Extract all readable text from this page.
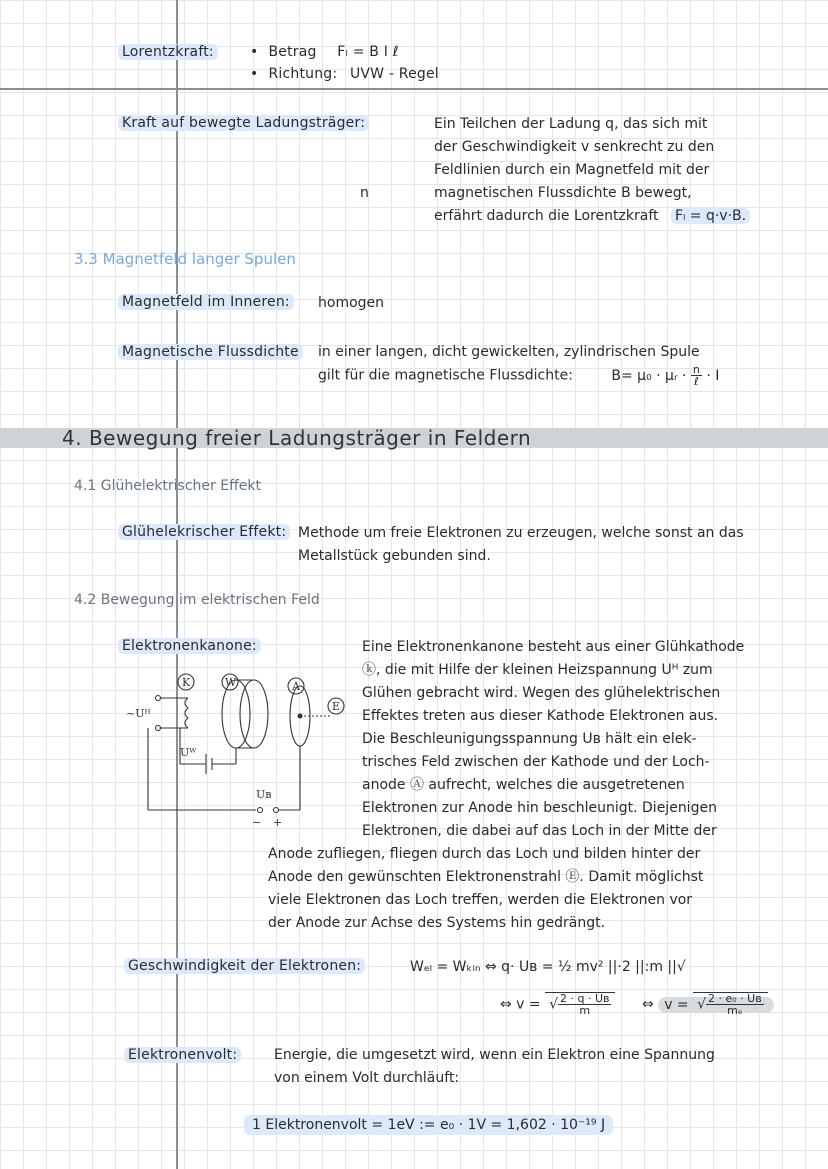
Lorentzkraft:	• Betrag Fₗ = B I ℓ
• Richtung: UVW - Regel
Kraft auf bewegte Ladungsträger:	Ein Teilchen der Ladung q, das sich mit
der Geschwindigkeit v senkrecht zu den
Feldlinien durch ein Magnetfeld mit der
magnetischen Flussdichte B bewegt,
erfährt dadurch die Lorentzkraft Fₗ = q·v·B.
n
3.3 Magnetfeld langer Spulen
Magnetfeld im Inneren: homogen
Magnetische Flussdichte in einer langen, dicht gewickelten, zylindrischen Spule
gilt für die magnetische Flussdichte:	B= μ₀ · μᵣ · $\frac{n}{\text{ℓ}} \cdot I$
4. Bewegung freier Ladungsträger in Feldern
4.1 Glühelektrischer Effekt
Glühelekrischer Effekt: Methode um freie Elektronen zu erzeugen, welche sonst an das
Metallstück gebunden sind.
4.2 Bewegung im elektrischen Feld
Elektronenkanone:
K	W	A
E
~Uᴴ
Uᵂ
Uʙ
− +
Eine Elektronenkanone besteht aus einer Glühkathode
ⓚ, die mit Hilfe der kleinen Heizspannung Uᴴ zum
Glühen gebracht wird. Wegen des glühelektrischen
Effektes treten aus dieser Kathode Elektronen aus.
Die Beschleunigungsspannung Uʙ hält ein elek-
trisches Feld zwischen der Kathode und der Loch-
anode Ⓐ aufrecht, welches die ausgetretenen
Elektronen zur Anode hin beschleunigt. Diejenigen
Elektronen, die dabei auf das Loch in der Mitte der
Anode zufliegen, fliegen durch das Loch und bilden hinter der
Anode den gewünschten Elektronenstrahl Ⓔ. Damit möglichst
viele Elektronen das Loch treffen, werden die Elektronen vor
der Anode zur Achse des Systems hin gedrängt.
Geschwindigkeit der Elektronen:	Wₑₗ = Wₖᵢₙ ⇔ q· Uʙ = ½ mv² ||·2 ||:m ||√
⇔ v = √ $\frac{\text{2 · q · Uʙ}}{m}$ ⇔ v = √ $\frac{\text{2 · e₀ · Uʙ}}{\text{mₑ}}$
Elektronenvolt:	Energie, die umgesetzt wird, wenn ein Elektron eine Spannung
von einem Volt durchläuft:
1 Elektronenvolt = 1eV := e₀ · 1V = 1,602 · 10⁻¹⁹ J
